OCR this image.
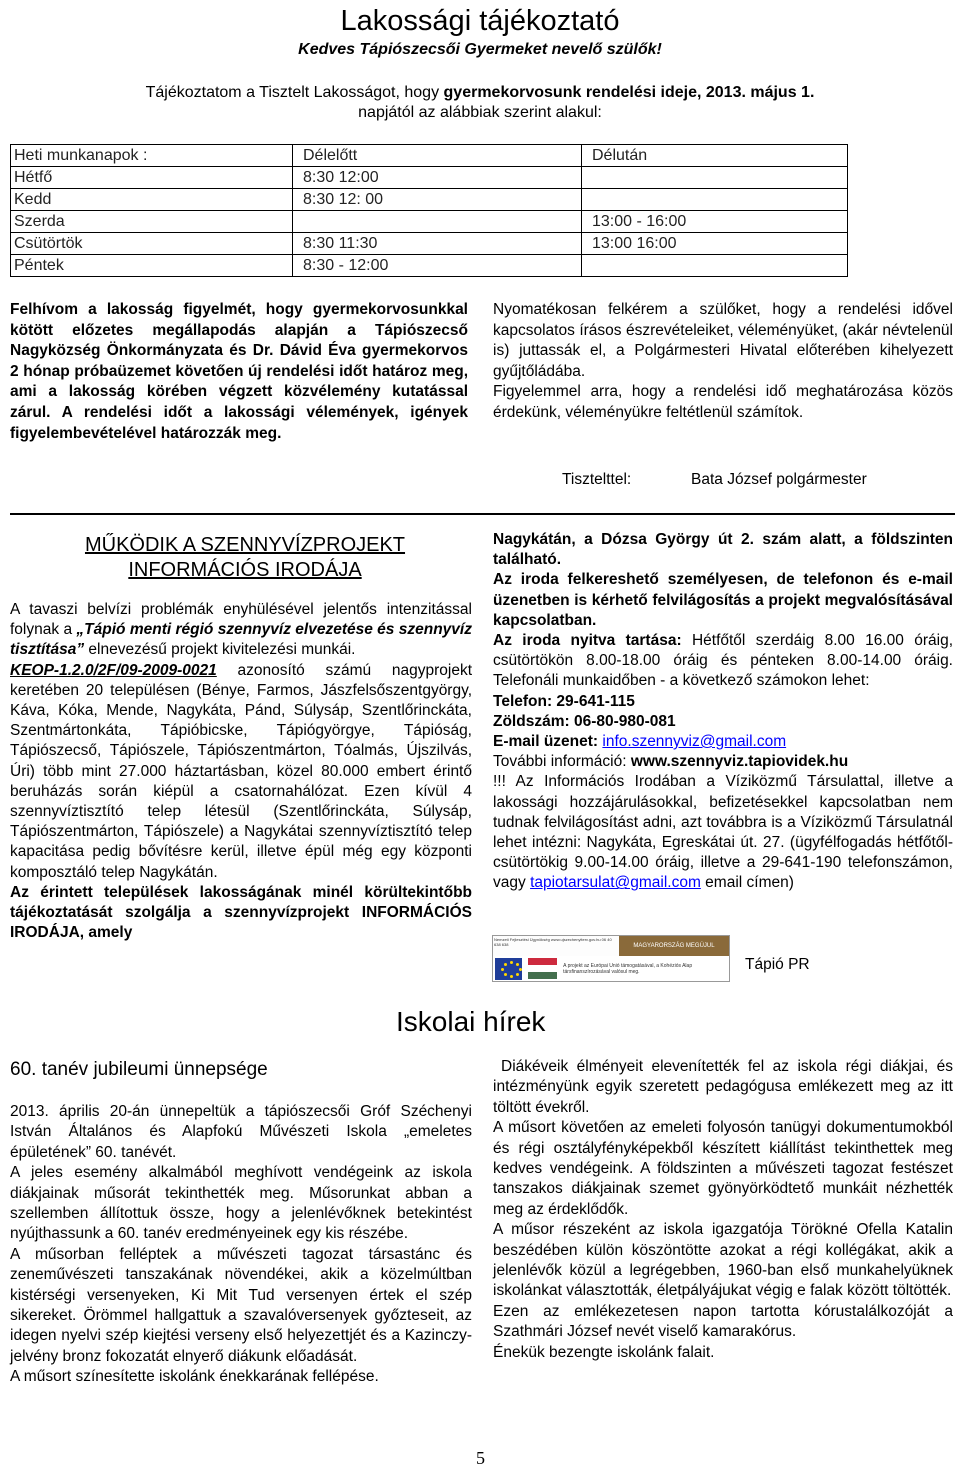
Lakossági tájékoztató
Kedves Tápiószecsői Gyermeket nevelő szülők!
Tájékoztatom a Tisztelt Lakosságot, hogy gyermekorvosunk rendelési ideje, 2013. május 1.
napjától az alábbiak szerint alakul:
Heti munkanapok :	Délelőtt	Délután
Hétfő	8:30 12:00	
Kedd	8:30 12: 00	
Szerda		13:00 - 16:00
Csütörtök	8:30 11:30	13:00 16:00
Péntek	8:30 - 12:00	
Felhívom a lakosság figyelmét, hogy gyermekorvosunkkal kötött előzetes megállapodás alapján a Tápiószecső Nagyközség Önkormányzata és Dr. Dávid Éva gyermekorvos 2 hónap próbaüzemet követően új rendelési időt határoz meg, ami a lakosság körében végzett közvélemény kutatással zárul. A rendelési időt a lakossági vélemények, igények figyelembevételével határozzák meg.
Nyomatékosan felkérem a szülőket, hogy a rendelési idővel kapcsolatos írásos észrevételeiket, véleményüket, (akár névtelenül is) juttassák el, a Polgármesteri Hivatal előterében kihelyezett gyűjtőládába.
Figyelemmel arra, hogy a rendelési idő meghatározása közös érdekünk, véleményükre feltétlenül számítok.
Tisztelttel:	Bata József polgármester
MŰKÖDIK A SZENNYVÍZPROJEKT
INFORMÁCIÓS IRODÁJA
A tavaszi belvízi problémák enyhülésével jelentős intenzitással folynak a „Tápió menti régió szennyvíz elvezetése és szennyvíz tisztítása” elnevezésű projekt kivitelezési munkái.
KEOP-1.2.0/2F/09-2009-0021 azonosító számú nagyprojekt keretében 20 településen (Bénye, Farmos, Jászfelsőszentgyörgy, Káva, Kóka, Mende, Nagykáta, Pánd, Súlysáp, Szentlőrinckáta, Szentmártonkáta, Tápióbicske, Tápiógyörgye, Tápióság, Tápiószecső, Tápiószele, Tápiószentmárton, Tóalmás, Újszilvás, Úri) több mint 27.000 háztartásban, közel 80.000 embert érintő beruházás során kiépül a csatornahálózat. Ezen kívül 4 szennyvíztisztító telep létesül (Szentlőrinckáta, Súlysáp, Tápiószentmárton, Tápiószele) a Nagykátai szennyvíztisztító telep kapacitása pedig bővítésre kerül, illetve épül még egy központi komposztáló telep Nagykátán.
Az érintett települések lakosságának minél körültekintőbb tájékoztatását szolgálja a szennyvízprojekt INFORMÁCIÓS IRODÁJA, amely
Nagykátán, a Dózsa György út 2. szám alatt, a földszinten található.
Az iroda felkereshető személyesen, de telefonon és e-mail üzenetben is kérhető felvilágosítás a projekt megvalósításával kapcsolatban.
Az iroda nyitva tartása: Hétfőtől szerdáig 8.00 16.00 óráig, csütörtökön 8.00-18.00 óráig és pénteken 8.00-14.00 óráig. Telefonáli munkaidőben - a következő számokon lehet:
Telefon: 29-641-115
Zöldszám: 06-80-980-081
E-mail üzenet: info.szennyviz@gmail.com
További információ: www.szennyviz.tapiovidek.hu
!!! Az Információs Irodában a Víziközmű Társulattal, illetve a lakossági hozzájárulásokkal, befizetésekkel kapcsolatban nem tudnak felvilágosítást adni, azt továbbra is a Víziközmű Társulatnál lehet intézni: Nagykáta, Egreskátai út. 27. (ügyfélfogadás hétfőtől-csütörtökig 9.00-14.00 óráig, illetve a 29-641-190 telefonszámon, vagy tapiotarsulat@gmail.com email címen)
Nemzeti Fejlesztési Ügynökség www.ujszechenyiterv.gov.hu 06 40 638 638	MAGYARORSZÁG MEGÚJUL
A projekt az Európai Unió támogatásával, a Kohéziós Alap társfinanszírozásával valósul meg.	Tápió PR
Iskolai hírek
60. tanév jubileumi ünnepsége
2013. április 20-án ünnepeltük a tápiószecsői Gróf Széchenyi István Általános és Alapfokú Művészeti Iskola „emeletes épületének” 60. tanévét.
A jeles esemény alkalmából meghívott vendégeink az iskola diákjainak műsorát tekinthették meg. Műsorunkat abban a szellemben állítottuk össze, hogy a jelenlévőknek betekintést nyújthassunk a 60. tanév eredményeinek egy kis részébe.
A műsorban felléptek a művészeti tagozat társastánc és zeneművészeti tanszakának növendékei, akik a közelmúltban kistérségi versenyeken, Ki Mit Tud versenyen értek el szép sikereket. Örömmel hallgattuk a szavalóversenyek győzteseit, az idegen nyelvi szép kiejtési verseny első helyezettjét és a Kazinczy- jelvény bronz fokozatát elnyerő diákunk előadását.
A műsort színesítette iskolánk énekkarának fellépése.
Diákéveik élményeit elevenítették fel az iskola régi diákjai, és intézményünk egyik szeretett pedagógusa emlékezett meg az itt töltött évekről.
A műsort követően az emeleti folyosón tanügyi dokumentumokból és régi osztályfényképekből készített kiállítást tekinthettek meg kedves vendégeink. A földszinten a művészeti tagozat festészet tanszakos diákjainak szemet gyönyörködtető munkáit nézhették meg az érdeklődők.
A műsor részeként az iskola igazgatója Törökné Ofella Katalin beszédében külön köszöntötte azokat a régi kollégákat, akik a jelenlévők közül a legrégebben, 1960-ban első munkahelyüknek iskolánkat választották, életpályájukat végig e falak között töltötték.
Ezen az emlékezetesen napon tartotta kórustalálkozóját a Szathmári József nevét viselő kamarakórus.
Énekük bezengte iskolánk falait.
5
